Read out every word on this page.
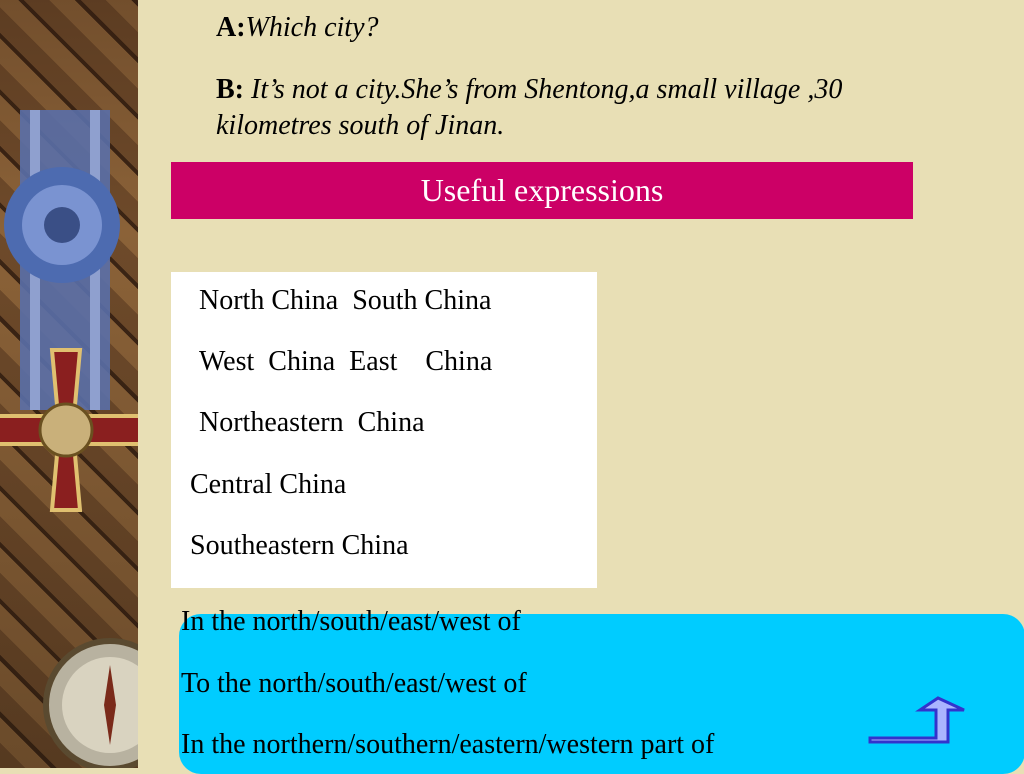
A:Which city?
B: It’s not a city.She’s from Shentong,a small village ,30 kilometres south of Jinan.
Useful expressions
North China  South China
West  China  East    China
Northeastern  China
Central China
Southeastern China
In the north/south/east/west of
To the north/south/east/west of
In the northern/southern/eastern/western part of
